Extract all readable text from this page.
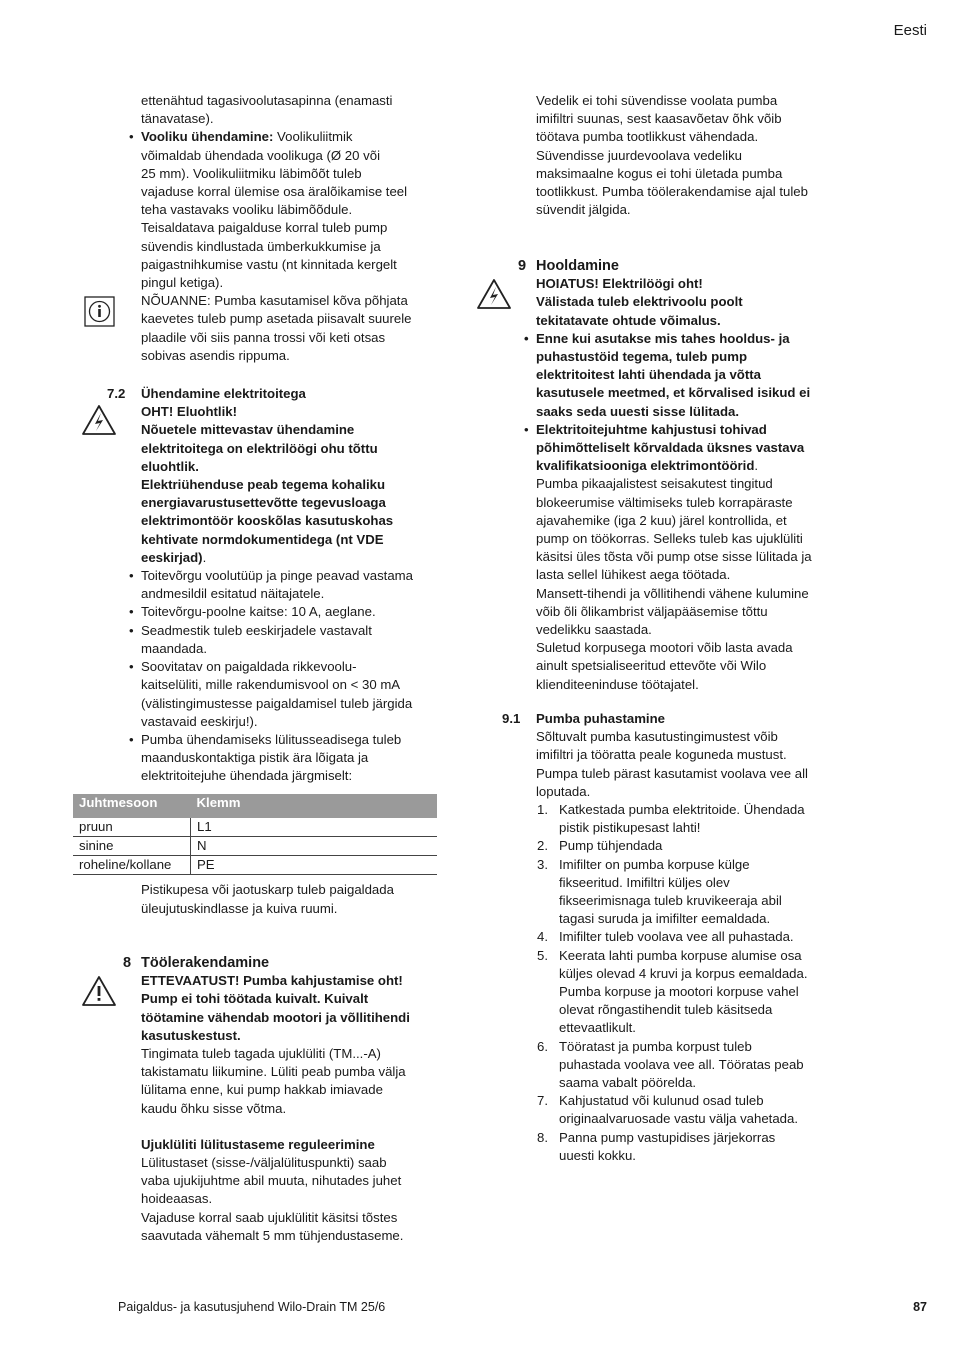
Eesti
Paigaldus- ja kasutusjuhend Wilo-Drain TM 25/6	87

ettenähtud tagasivoolutasapinna (enamasti

tänavatase).

• Vooliku ühendamine: Voolikuliitmik

võimaldab ühendada voolikuga (Ø 20 või

25 mm). Voolikuliitmiku läbimõõt tuleb

vajaduse korral ülemise osa äralõikamise teel

teha vastavaks vooliku läbimõõdule.

Teisaldatava paigalduse korral tuleb pump

süvendis kindlustada ümberkukkumise ja

paigastnihkumise vastu (nt kinnitada kergelt

pingul ketiga).

NÕUANNE: Pumba kasutamisel kõva põhjata

kaevetes tuleb pump asetada piisavalt suurele

plaadile või siis panna trossi või keti otsas

sobivas asendis rippuma.

7.2 Ühendamine elektritoitega

OHT! Eluohtlik!

Nõuetele mittevastav ühendamine

elektritoitega on elektrilöögi ohu tõttu

eluohtlik.

Elektriühenduse peab tegema kohaliku

energiavarustusettevõtte tegevusloaga

elektrimontöör kooskõlas kasutuskohas

kehtivate normdokumentidega (nt VDE

eeskirjad).

• Toitevõrgu voolutüüp ja pinge peavad vastama

andmesildil esitatud näitajatele.

• Toitevõrgu-poolne kaitse: 10 A, aeglane.

• Seadmestik tuleb eeskirjadele vastavalt

maandada.

• Soovitatav on paigaldada rikkevoolu-

kaitselüliti, mille rakendumisvool on < 30 mA

(välistingimustesse paigaldamisel tuleb järgida

vastavaid eeskirju!).

• Pumba ühendamiseks lülitusseadisega tuleb

maanduskontaktiga pistik ära lõigata ja

elektritoitejuhe ühendada järgmiselt:

Juhtmesoon	Klemm
pruun	L1
sinine	N
roheline/kollane	PE

Pistikupesa või jaotuskarp tuleb paigaldada

üleujutuskindlasse ja kuiva ruumi.

8 Töölerakendamine

ETTEVAATUST! Pumba kahjustamise oht!

Pump ei tohi töötada kuivalt. Kuivalt

töötamine vähendab mootori ja võllitihendi

kasutuskestust.

Tingimata tuleb tagada ujuklüliti (TM...-A)

takistamatu liikumine. Lüliti peab pumba välja

lülitama enne, kui pump hakkab imiavade

kaudu õhku sisse võtma.

Ujuklüliti lülitustaseme reguleerimine

Lülitustaset (sisse-/väljalülituspunkti) saab

vaba ujukijuhtme abil muuta, nihutades juhet

hoideaasas.

Vajaduse korral saab ujuklülitit käsitsi tõstes

saavutada vähemalt 5 mm tühjendustaseme.

Vedelik ei tohi süvendisse voolata pumba

imifiltri suunas, sest kaasavõetav õhk võib

töötava pumba tootlikkust vähendada.

Süvendisse juurdevoolava vedeliku

maksimaalne kogus ei tohi ületada pumba

tootlikkust. Pumba töölerakendamise ajal tuleb

süvendit jälgida.

9 Hooldamine

HOIATUS! Elektrilöögi oht!

Välistada tuleb elektrivoolu poolt

tekitatavate ohtude võimalus.

• Enne kui asutakse mis tahes hooldus- ja

puhastustöid tegema, tuleb pump

elektritoitest lahti ühendada ja võtta

kasutusele meetmed, et kõrvalised isikud ei

saaks seda uuesti sisse lülitada.

• Elektritoitejuhtme kahjustusi tohivad

põhimõtteliselt kõrvaldada üksnes vastava

kvalifikatsiooniga elektrimontöörid.

Pumba pikaajalistest seisakutest tingitud

blokeerumise vältimiseks tuleb korrapäraste

ajavahemike (iga 2 kuu) järel kontrollida, et

pump on töökorras. Selleks tuleb kas ujuklüliti

käsitsi üles tõsta või pump otse sisse lülitada ja

lasta sellel lühikest aega töötada.

Mansett-tihendi ja võllitihendi vähene kulumine

võib õli õlikambrist väljapääsemise tõttu

vedelikku saastada.

Suletud korpusega mootori võib lasta avada

ainult spetsialiseeritud ettevõte või Wilo

klienditeeninduse töötajatel.

9.1 Pumba puhastamine

Sõltuvalt pumba kasutustingimustest võib

imifiltri ja tööratta peale koguneda mustust.

Pumpa tuleb pärast kasutamist voolava vee all

loputada.

1. Katkestada pumba elektritoide. Ühendada

pistik pistikupesast lahti!

2. Pump tühjendada

3. Imifilter on pumba korpuse külge

fikseeritud. Imifiltri küljes olev

fikseerimisnaga tuleb kruvikeeraja abil

tagasi suruda ja imifilter eemaldada.

4. Imifilter tuleb voolava vee all puhastada.

5. Keerata lahti pumba korpuse alumise osa

küljes olevad 4 kruvi ja korpus eemaldada.

Pumba korpuse ja mootori korpuse vahel

olevat rõngastihendit tuleb käsitseda

ettevaatlikult.

6. Tööratast ja pumba korpust tuleb

puhastada voolava vee all. Tööratas peab

saama vabalt pöörelda.

7. Kahjustatud või kulunud osad tuleb

originaalvaruosade vastu välja vahetada.

8. Panna pump vastupidises järjekorras

uuesti kokku.
